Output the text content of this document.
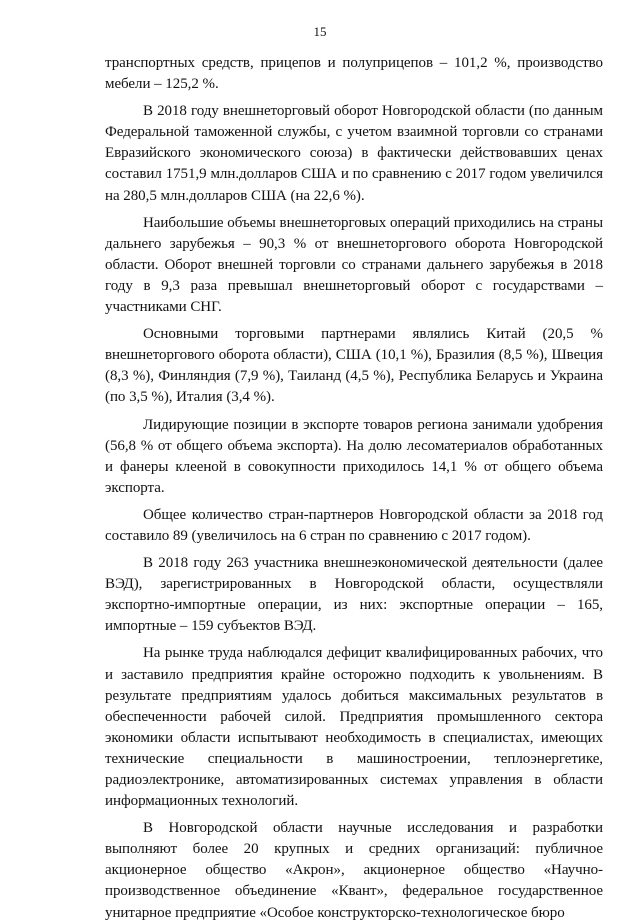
15

транспортных средств, прицепов и полуприцепов – 101,2 %, производство мебели – 125,2 %.

В 2018 году внешнеторговый оборот Новгородской области (по данным Федеральной таможенной службы, с учетом взаимной торговли со странами Евразийского экономического союза) в фактически действовавших ценах составил 1751,9 млн.долларов США и по сравнению с 2017 годом увеличился на 280,5 млн.долларов США (на 22,6 %).

Наибольшие объемы внешнеторговых операций приходились на страны дальнего зарубежья – 90,3 % от внешнеторгового оборота Новгородской области. Оборот внешней торговли со странами дальнего зарубежья в 2018 году в 9,3 раза превышал внешнеторговый оборот с государствами – участниками СНГ.

Основными торговыми партнерами являлись Китай (20,5 % внешнеторгового оборота области), США (10,1 %), Бразилия (8,5 %), Швеция (8,3 %), Финляндия (7,9 %), Таиланд (4,5 %), Республика Беларусь и Украина (по 3,5 %), Италия (3,4 %).

Лидирующие позиции в экспорте товаров региона занимали удобрения (56,8 % от общего объема экспорта). На долю лесоматериалов обработанных и фанеры клееной в совокупности приходилось 14,1 % от общего объема экспорта.

Общее количество стран-партнеров Новгородской области за 2018 год составило 89 (увеличилось на 6 стран по сравнению с 2017 годом).

В 2018 году 263 участника внешнеэкономической деятельности (далее ВЭД), зарегистрированных в Новгородской области, осуществляли экспортно-импортные операции, из них: экспортные операции – 165, импортные – 159 субъектов ВЭД.

На рынке труда наблюдался дефицит квалифицированных рабочих, что и заставило предприятия крайне осторожно подходить к увольнениям. В результате предприятиям удалось добиться максимальных результатов в обеспеченности рабочей силой. Предприятия промышленного сектора экономики области испытывают необходимость в специалистах, имеющих технические специальности в машиностроении, теплоэнергетике, радиоэлектронике, автоматизированных системах управления в области информационных технологий.

В Новгородской области научные исследования и разработки выполняют более 20 крупных и средних организаций: публичное акционерное общество «Акрон», акционерное общество «Научно-производственное объединение «Квант», федеральное государственное унитарное предприятие «Особое конструкторско-технологическое бюро
